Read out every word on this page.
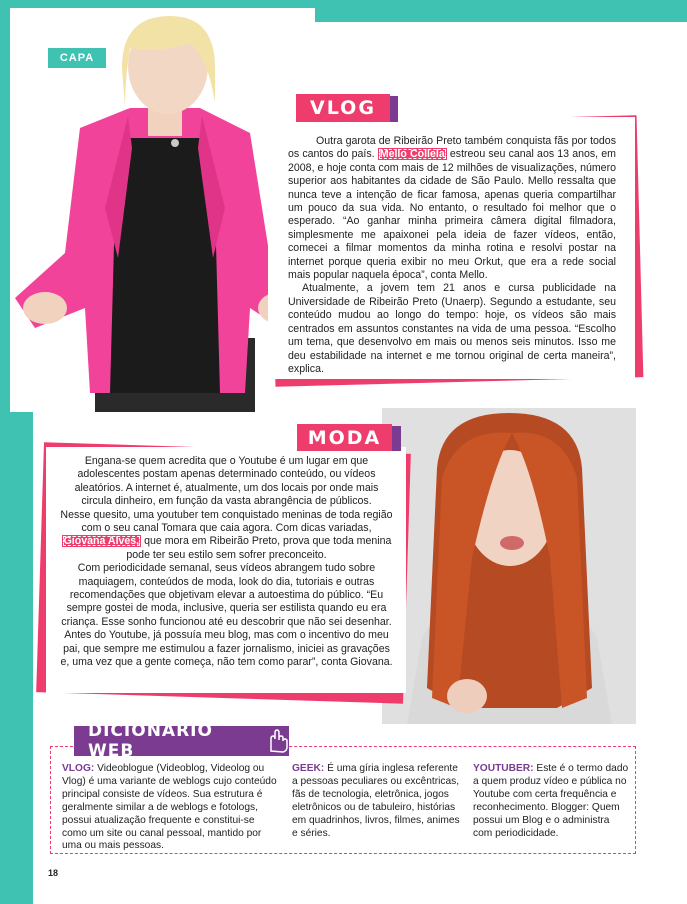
CAPA

Outra garota de Ribeirão Preto também conquista fãs por todos os cantos do país. Mello Collela estreou seu canal aos 13 anos, em 2008, e hoje conta com mais de 12 milhões de visualizações, número superior aos habitantes da cidade de São Paulo. Mello ressalta que nunca teve a intenção de ficar famosa, apenas queria compartilhar um pouco da sua vida. No entanto, o resultado foi melhor que o esperado. “Ao ganhar minha primeira câmera digital filmadora, simplesmente me apaixonei pela ideia de fazer vídeos, então, comecei a filmar momentos da minha rotina e resolvi postar na internet porque queria exibir no meu Orkut, que era a rede social mais popular naquela época”, conta Mello.

Atualmente, a jovem tem 21 anos e cursa publicidade na Universidade de Ribeirão Preto (Unaerp). Segundo a estudante, seu conteúdo mudou ao longo do tempo: hoje, os vídeos são mais centrados em assuntos constantes na vida de uma pessoa. “Escolho um tema, que desenvolvo em mais ou menos seis minutos. Isso me deu estabilidade na internet e me tornou original de certa maneira”, explica.

VLOG

Engana-se quem acredita que o Youtube é um lugar em que adolescentes postam apenas determinado conteúdo, ou vídeos aleatórios. A internet é, atualmente, um dos locais por onde mais circula dinheiro, em função da vasta abrangência de públicos.

Nesse quesito, uma youtuber tem conquistado meninas de toda região com o seu canal Tomara que caia agora. Com dicas variadas, Giovana Alves, que mora em Ribeirão Preto, prova que toda menina pode ter seu estilo sem sofrer preconceito.

Com periodicidade semanal, seus vídeos abrangem tudo sobre maquiagem, conteúdos de moda, look do dia, tutoriais e outras recomendações que objetivam elevar a autoestima do público. “Eu sempre gostei de moda, inclusive, queria ser estilista quando eu era criança. Esse sonho funcionou até eu descobrir que não sei desenhar. Antes do Youtube, já possuía meu blog, mas com o incentivo do meu pai, que sempre me estimulou a fazer jornalismo, iniciei as gravações e, uma vez que a gente começa, não tem como parar”, conta Giovana.

MODA
DICIONÁRIO WEB
VLOG: Videoblogue (Videoblog, Videolog ou Vlog) é uma variante de weblogs cujo conteúdo principal consiste de vídeos. Sua estrutura é geralmente similar a de weblogs e fotologs, possui atualização frequente e constitui-se como um site ou canal pessoal, mantido por uma ou mais pessoas.
GEEK: É uma gíria inglesa referente a pessoas peculiares ou excêntricas, fãs de tecnologia, eletrônica, jogos eletrônicos ou de tabuleiro, histórias em quadrinhos, livros, filmes, animes e séries.
YOUTUBER: Este é o termo dado a quem produz vídeo e pública no Youtube com certa frequência e reconhecimento. Blogger: Quem possui um Blog e o administra com periodicidade.
18
